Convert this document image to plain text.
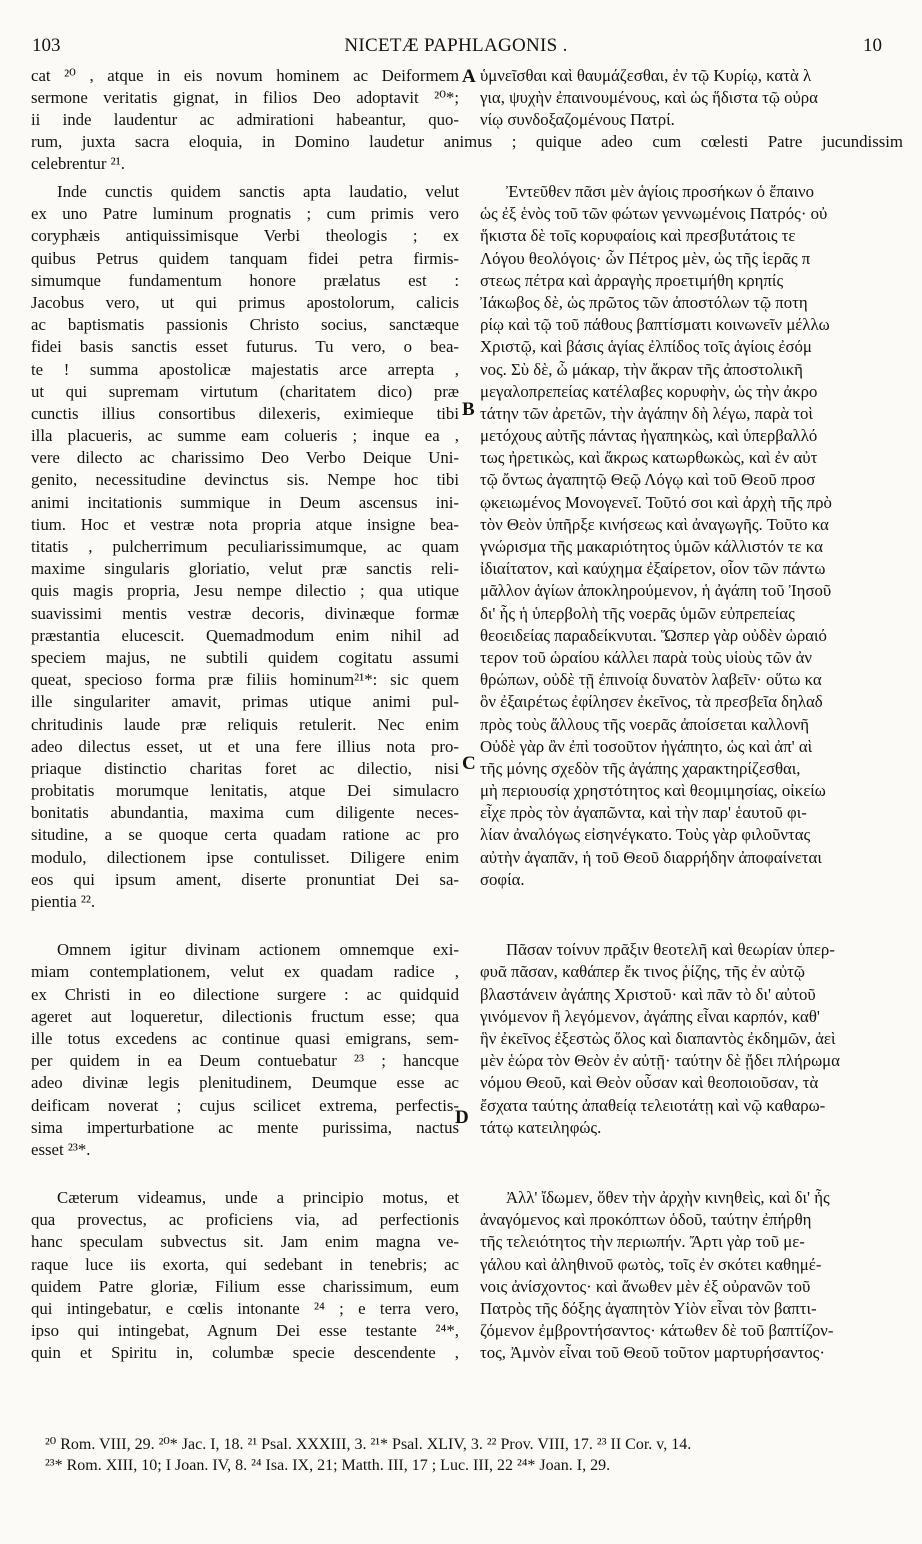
103	NICETÆ PAPHLAGONIS .	10
cat ²⁰ , atque in eis novum hominem ac Deiformem
sermone veritatis gignat, in filios Deo adoptavit ²⁰*;
ii inde laudentur ac admirationi habeantur, quo-
ὑμνεῖσθαι καὶ θαυμάζεσθαι, ἐν τῷ Κυρίῳ, κατὰ λ
για, ψυχὴν ἐπαινουμένους, καὶ ὡς ἥδιστα τῷ οὐρα
νίῳ συνδοξαζομένους Πατρί.
rum, juxta sacra eloquia, in Domino laudetur animus ; quique adeo cum cœlesti Patre jucundissim
celebrentur ²¹.
Inde cunctis quidem sanctis apta laudatio, velut
ex uno Patre luminum prognatis ; cum primis vero
coryphæis antiquissimisque Verbi theologis ; ex
quibus Petrus quidem tanquam fidei petra firmis-
simumque fundamentum honore prælatus est :
Jacobus vero, ut qui primus apostolorum, calicis
ac baptismatis passionis Christo socius, sanctæque
fidei basis sanctis esset futurus. Tu vero, o bea-
te ! summa apostolicæ majestatis arce arrepta ,
ut qui supremam virtutum (charitatem dico) præ
cunctis illius consortibus dilexeris, eximieque tibi
illa placueris, ac summe eam colueris ; inque ea ,
vere dilecto ac charissimo Deo Verbo Deique Uni-
genito, necessitudine devinctus sis. Nempe hoc tibi
animi incitationis summique in Deum ascensus ini-
tium. Hoc et vestræ nota propria atque insigne bea-
titatis , pulcherrimum peculiarissimumque, ac quam
maxime singularis gloriatio, velut præ sanctis reli-
quis magis propria, Jesu nempe dilectio ; qua utique
suavissimi mentis vestræ decoris, divinæque formæ
præstantia elucescit. Quemadmodum enim nihil ad
speciem majus, ne subtili quidem cogitatu assumi
queat, specioso forma præ filiis hominum²¹*: sic quem
ille singulariter amavit, primas utique animi pul-
chritudinis laude præ reliquis retulerit. Nec enim
adeo dilectus esset, ut et una fere illius nota pro-
priaque distinctio charitas foret ac dilectio, nisi
probitatis morumque lenitatis, atque Dei simulacro
bonitatis abundantia, maxima cum diligente neces-
situdine, a se quoque certa quadam ratione ac pro
modulo, dilectionem ipse contulisset. Diligere enim
eos qui ipsum ament, diserte pronuntiat Dei sa-
pientia ²².
Omnem igitur divinam actionem omnemque exi-
miam contemplationem, velut ex quadam radice ,
ex Christi in eo dilectione surgere : ac quidquid
ageret aut loqueretur, dilectionis fructum esse; qua
ille totus excedens ac continue quasi emigrans, sem-
per quidem in ea Deum contuebatur ²³ ; hancque
adeo divinæ legis plenitudinem, Deumque esse ac
deificam noverat ; cujus scilicet extrema, perfectis-
sima imperturbatione ac mente purissima, nactus
esset ²³*.
Cæterum videamus, unde a principio motus, et
qua provectus, ac proficiens via, ad perfectionis
hanc speculam subvectus sit. Jam enim magna ve-
raque luce iis exorta, qui sedebant in tenebris; ac
quidem Patre gloriæ, Filium esse charissimum, eum
qui intingebatur, e cœlis intonante ²⁴ ; e terra vero,
ipso qui intingebat, Agnum Dei esse testante ²⁴*,
quin et Spiritu in, columbæ specie descendente ,
Ἐντεῦθεν πᾶσι μὲν ἁγίοις προσήκων ὁ ἔπαινο
ὡς ἐξ ἑνὸς τοῦ τῶν φώτων γεννωμένοις Πατρός· οὐ
ἥκιστα δὲ τοῖς κορυφαίοις καὶ πρεσβυτάτοις τε
Λόγου θεολόγοις· ὧν Πέτρος μὲν, ὡς τῆς ἱερᾶς π
στεως πέτρα καὶ ἀρραγὴς προετιμήθη κρηπίς
Ἰάκωβος δὲ, ὡς πρῶτος τῶν ἀποστόλων τῷ ποτη
ρίῳ καὶ τῷ τοῦ πάθους βαπτίσματι κοινωνεῖν μέλλω
Χριστῷ, καὶ βάσις ἁγίας ἐλπίδος τοῖς ἁγίοις ἐσόμ
νος. Σὺ δὲ, ὦ μάκαρ, τὴν ἄκραν τῆς ἀποστολικῆ
μεγαλοπρεπείας κατέλαβες κορυφὴν, ὡς τὴν ἀκρο
τάτην τῶν ἀρετῶν, τὴν ἀγάπην δὴ λέγω, παρὰ τοὶ
μετόχους αὐτῆς πάντας ἠγαπηκὼς, καὶ ὑπερβαλλό
τως ἠρετικὼς, καὶ ἄκρως κατωρθωκὼς, καὶ ἐν αὐτ
τῷ ὄντως ἀγαπητῷ Θεῷ Λόγῳ καὶ τοῦ Θεοῦ προσ
ῳκειωμένος Μονογενεῖ. Τοῦτό σοι καὶ ἀρχὴ τῆς πρὸ
τὸν Θεὸν ὑπῆρξε κινήσεως καὶ ἀναγωγῆς. Τοῦτο κα
γνώρισμα τῆς μακαριότητος ὑμῶν κάλλιστόν τε κα
ἰδιαίτατον, καὶ καύχημα ἐξαίρετον, οἷον τῶν πάντω
μᾶλλον ἁγίων ἀποκληρούμενον, ἡ ἀγάπη τοῦ Ἰησοῦ
δι' ἧς ἡ ὑπερβολὴ τῆς νοερᾶς ὑμῶν εὐπρεπείας
θεοειδείας παραδείκνυται. Ὥσπερ γὰρ οὐδὲν ὡραιό
τερον τοῦ ὡραίου κάλλει παρὰ τοὺς υἱοὺς τῶν ἀν
θρώπων, οὐδὲ τῇ ἐπινοίᾳ δυνατὸν λαβεῖν· οὕτω κα
ὃν ἐξαιρέτως ἐφίλησεν ἐκεῖνος, τὰ πρεσβεῖα δηλαδ
πρὸς τοὺς ἄλλους τῆς νοερᾶς ἀποίσεται καλλονῆ
Οὐδὲ γὰρ ἂν ἐπὶ τοσοῦτον ἠγάπητο, ὡς καὶ ἀπ' αὶ
τῆς μόνης σχεδὸν τῆς ἀγάπης χαρακτηρίζεσθαι,
μὴ περιουσίᾳ χρηστότητος καὶ θεομιμησίας, οἰκείω
εἶχε πρὸς τὸν ἀγαπῶντα, καὶ τὴν παρ' ἑαυτοῦ φι-
λίαν ἀναλόγως εἰσηνέγκατο. Τοὺς γὰρ φιλοῦντας
αὐτὴν ἀγαπᾶν, ἡ τοῦ Θεοῦ διαρρήδην ἀποφαίνεται
σοφία.
Πᾶσαν τοίνυν πρᾶξιν θεοτελῆ καὶ θεωρίαν ὑπερ-
φυᾶ πᾶσαν, καθάπερ ἔκ τινος ῥίζης, τῆς ἐν αὐτῷ
βλαστάνειν ἀγάπης Χριστοῦ· καὶ πᾶν τὸ δι' αὐτοῦ
γινόμενον ἢ λεγόμενον, ἀγάπης εἶναι καρπόν, καθ'
ἣν ἐκεῖνος ἐξεστὼς ὅλος καὶ διαπαντὸς ἐκδημῶν, ἀεὶ
μὲν ἑώρα τὸν Θεὸν ἐν αὐτῇ· ταύτην δὲ ᾔδει πλήρωμα
νόμου Θεοῦ, καὶ Θεὸν οὖσαν καὶ θεοποιοῦσαν, τὰ
ἔσχατα ταύτης ἀπαθείᾳ τελειοτάτῃ καὶ νῷ καθαρω-
τάτῳ κατειληφώς.
Ἀλλ' ἴδωμεν, ὅθεν τὴν ἀρχὴν κινηθεὶς, καὶ δι' ἧς
ἀναγόμενος καὶ προκόπτων ὁδοῦ, ταύτην ἐπήρθη
τῆς τελειότητος τὴν περιωπήν. Ἄρτι γὰρ τοῦ με-
γάλου καὶ ἀληθινοῦ φωτὸς, τοῖς ἐν σκότει καθημέ-
νοις ἀνίσχοντος· καὶ ἄνωθεν μὲν ἐξ οὐρανῶν τοῦ
Πατρὸς τῆς δόξης ἀγαπητὸν Υἱὸν εἶναι τὸν βαπτι-
ζόμενον ἐμβροντήσαντος· κάτωθεν δὲ τοῦ βαπτίζον-
τος, Ἀμνὸν εἶναι τοῦ Θεοῦ τοῦτον μαρτυρήσαντος·
A
B
C
D
²⁰ Rom. VIII, 29. ²⁰* Jac. I, 18. ²¹ Psal. XXXIII, 3. ²¹* Psal. XLIV, 3. ²² Prov. VIII, 17. ²³ II Cor. v, 14.
²³* Rom. XIII, 10; I Joan. IV, 8. ²⁴ Isa. IX, 21; Matth. III, 17 ; Luc. III, 22 ²⁴* Joan. I, 29.
